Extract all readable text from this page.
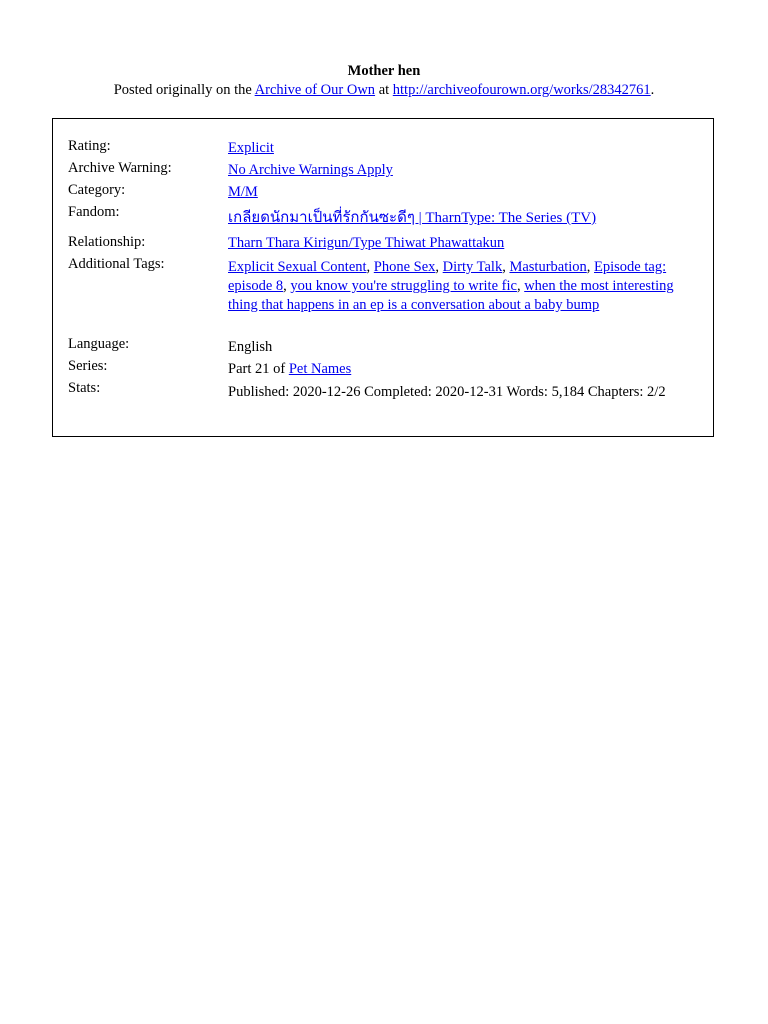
Mother hen
Posted originally on the Archive of Our Own at http://archiveofourown.org/works/28342761.
Rating:	Explicit
Archive Warning:	No Archive Warnings Apply
Category:	M/M
Fandom:	เกลียดนักมาเป็นที่รักกันซะดีๆ | TharnType: The Series (TV)
Relationship:	Tharn Thara Kirigun/Type Thiwat Phawattakun
Additional Tags:	Explicit Sexual Content, Phone Sex, Dirty Talk, Masturbation, Episode tag: episode 8, you know you're struggling to write fic, when the most interesting thing that happens in an ep is a conversation about a baby bump
Language:	English
Series:	Part 21 of Pet Names
Stats:	Published: 2020-12-26 Completed: 2020-12-31 Words: 5,184 Chapters: 2/2
